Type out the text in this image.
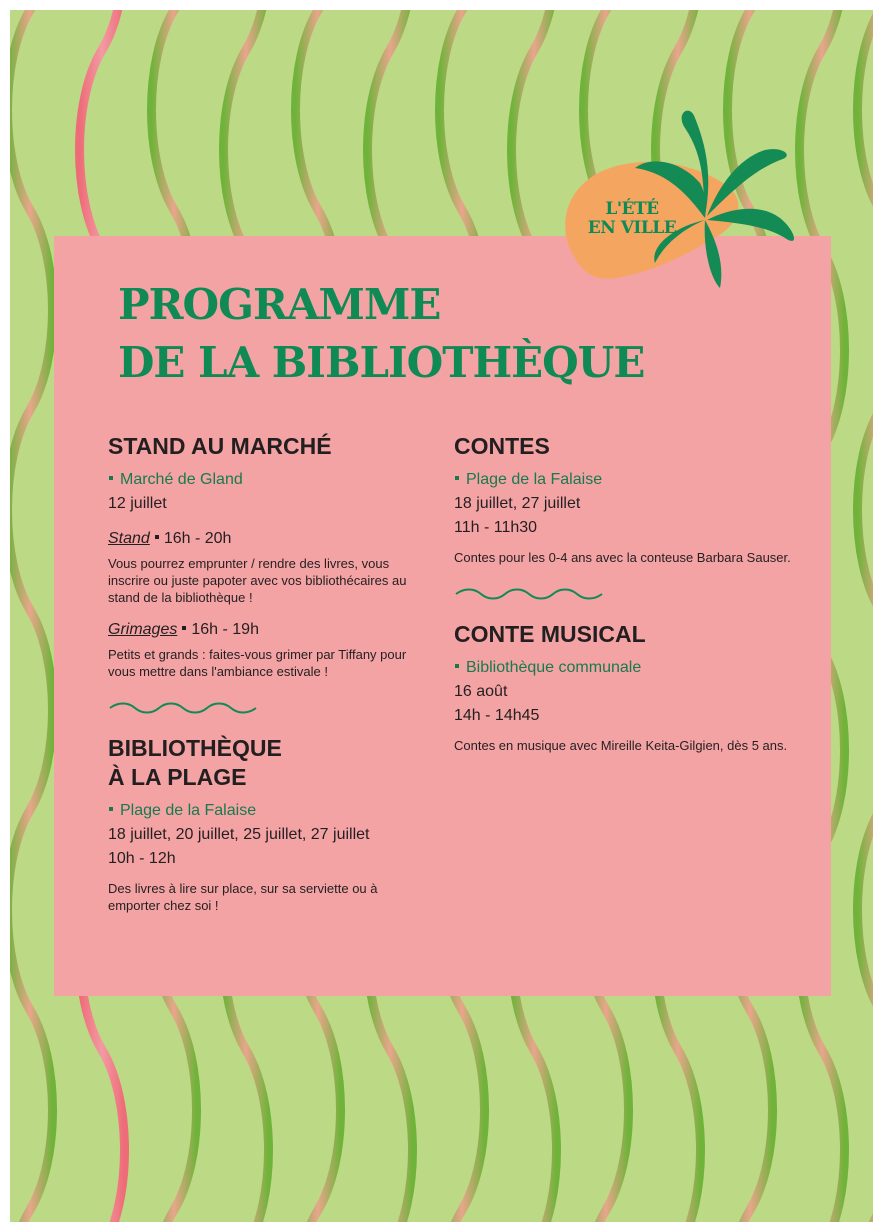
PROGRAMME
DE LA BIBLIOTHÈQUE
STAND AU MARCHÉ

Marché de Gland

12 juillet

Stand 16h - 20h

Vous pourrez emprunter / rendre des livres, vous inscrire ou juste papoter avec vos bibliothécaires au stand de la bibliothèque !

Grimages 16h - 19h

Petits et grands : faites-vous grimer par Tiffany pour vous mettre dans l'ambiance estivale !

BIBLIOTHÈQUE
À LA PLAGE

Plage de la Falaise

18 juillet, 20 juillet, 25 juillet, 27 juillet

10h - 12h

Des livres à lire sur place, sur sa serviette ou à emporter chez soi !

CONTES

Plage de la Falaise

18 juillet, 27 juillet

11h - 11h30

Contes pour les 0-4 ans avec la conteuse Barbara Sauser.

CONTE MUSICAL

Bibliothèque communale

16 août

14h - 14h45

Contes en musique avec Mireille Keita-Gilgien, dès 5 ans.

L'ÉTÉ
EN VILLE
